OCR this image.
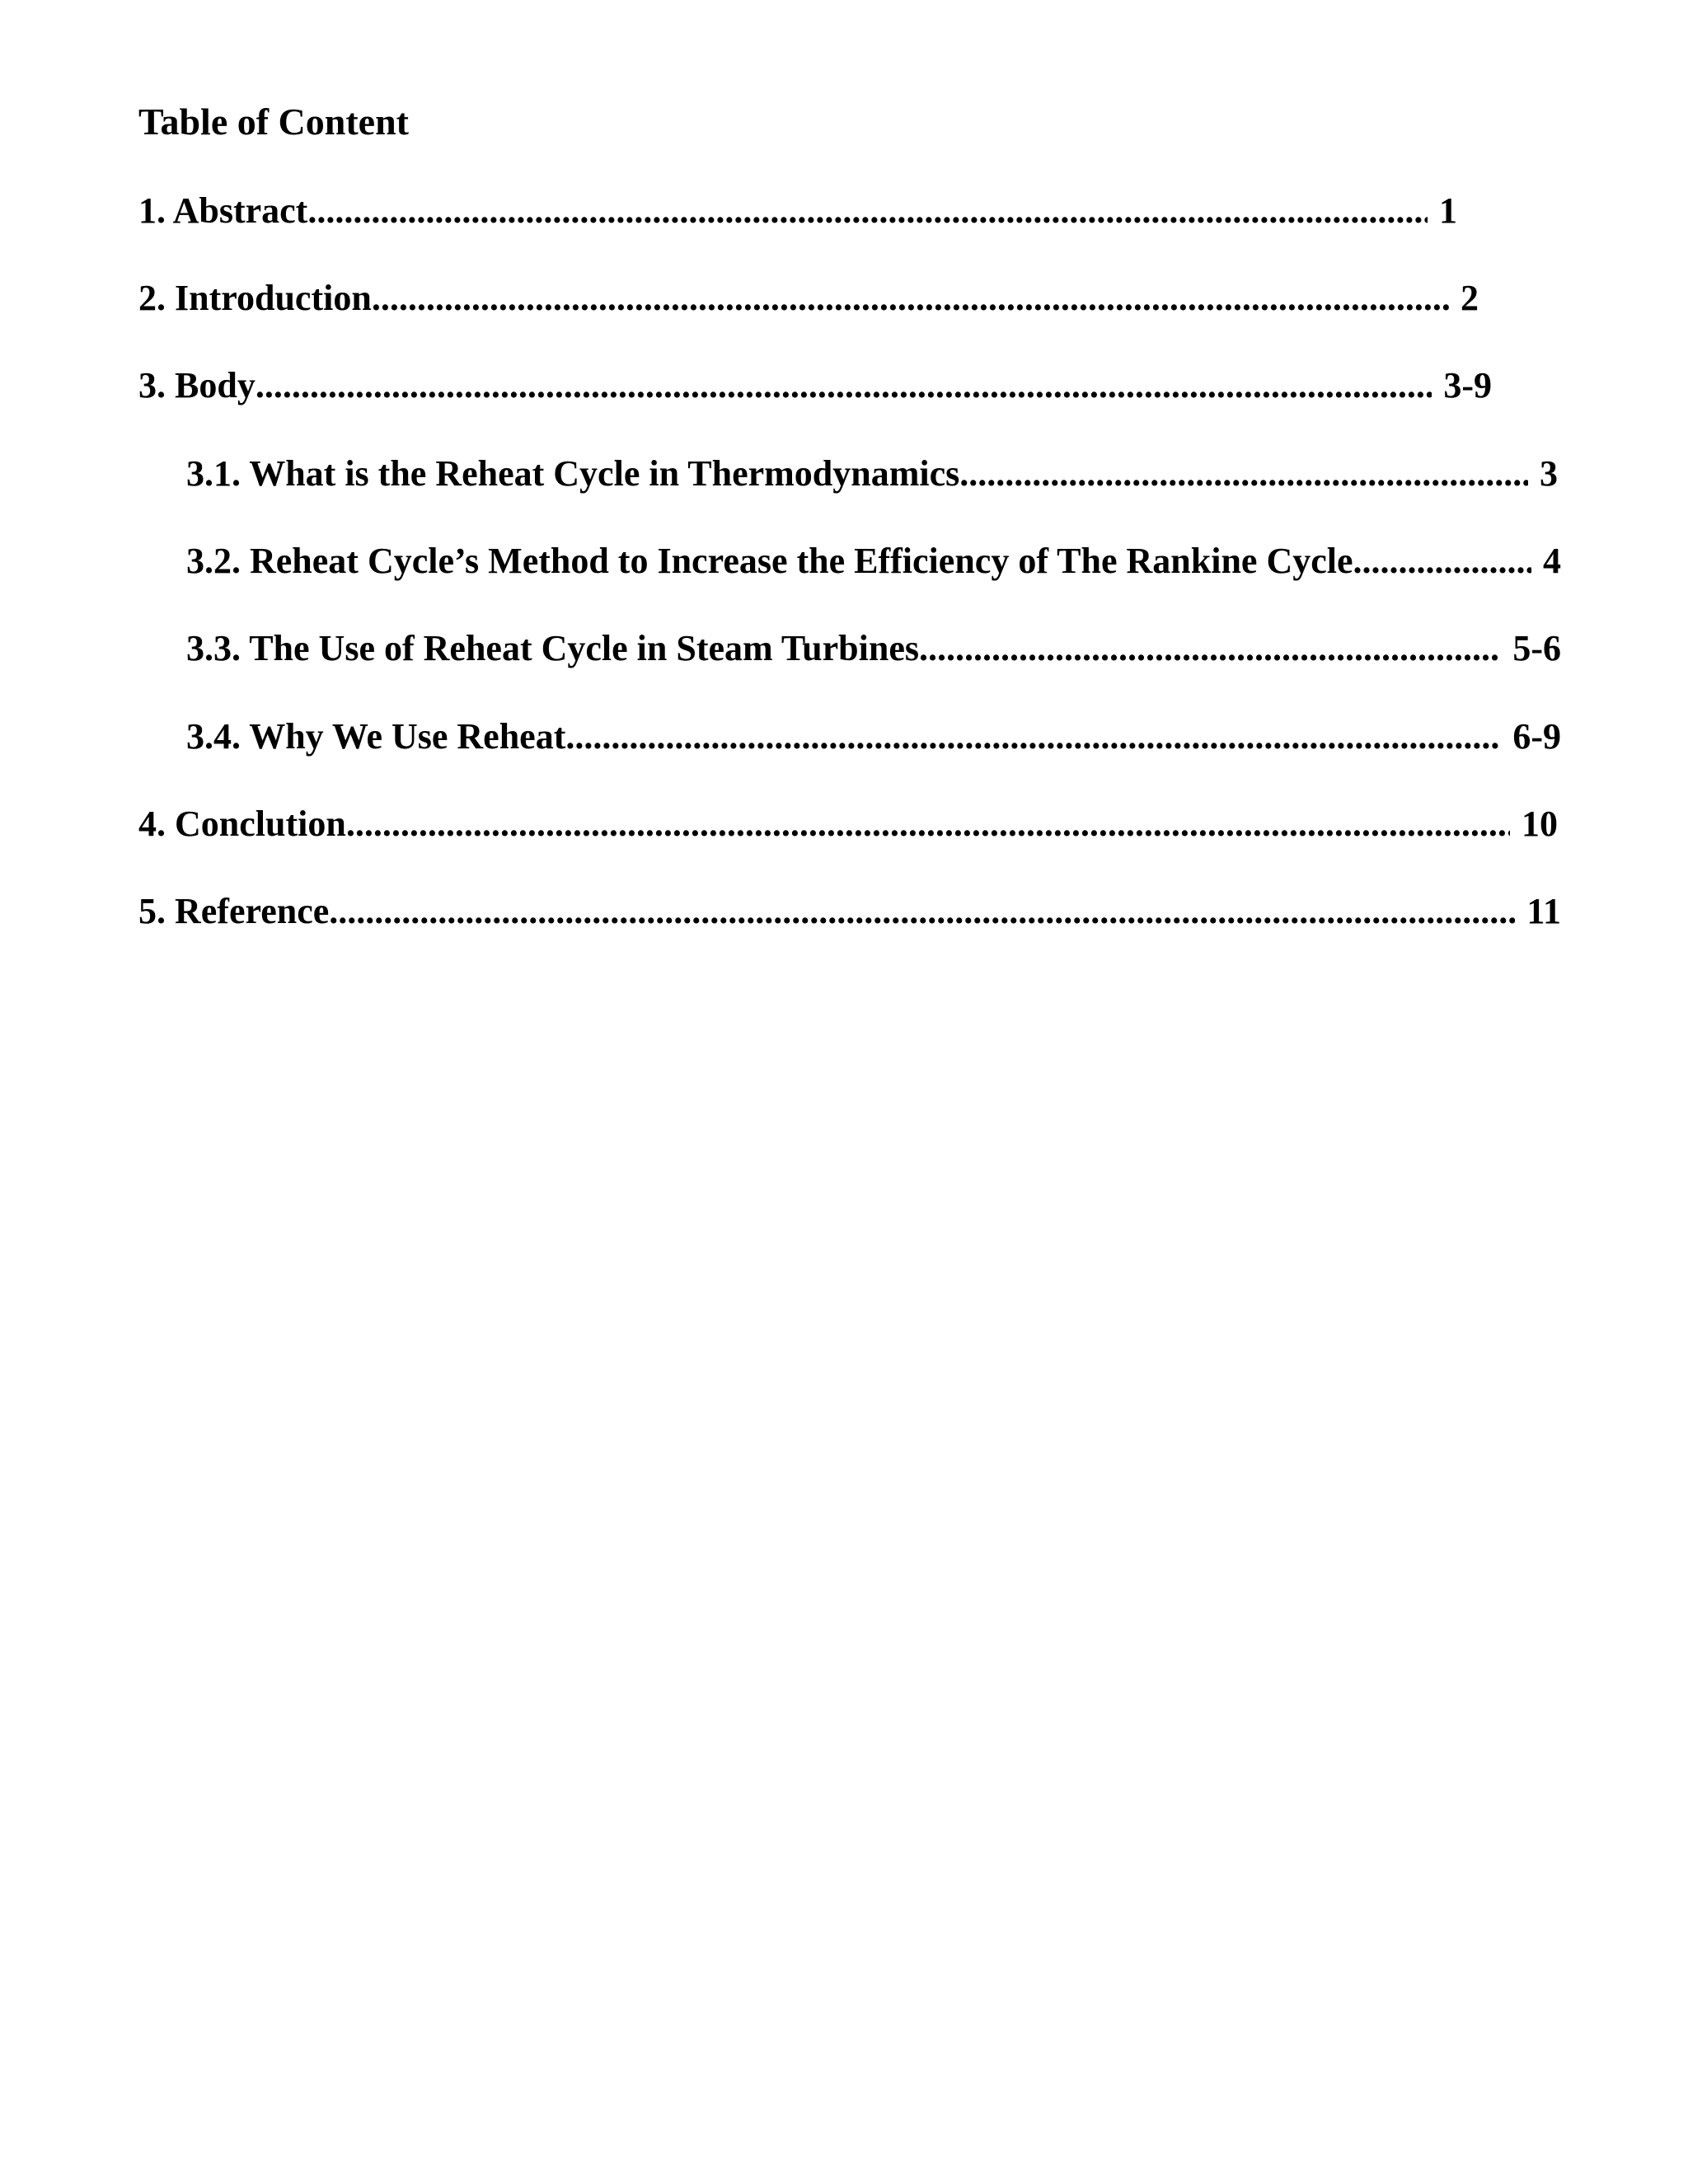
Table of Content
1. Abstract .....	1
2. Introduction .....	2
3. Body .....	3-9
3.1. What is the Reheat Cycle in Thermodynamics .....	3
3.2. Reheat Cycle’s Method to Increase the Efficiency of The Rankine Cycle .....	4
3.3. The Use of Reheat Cycle in Steam Turbines .....	5-6
3.4. Why We Use Reheat .....	6-9
4. Conclution .....	10
5. Reference .....	11
